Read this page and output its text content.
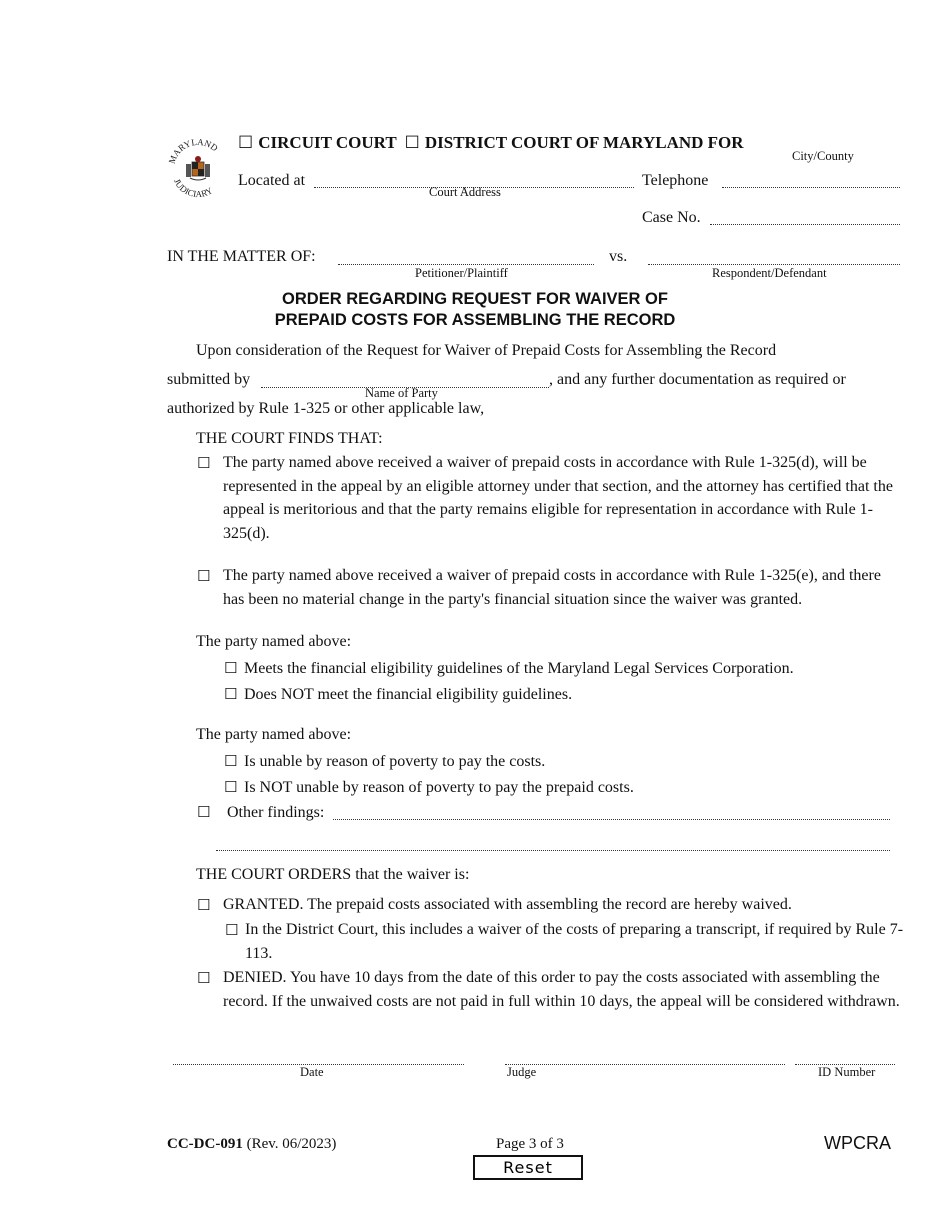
MARYLAND
JUDICIARY
☐ CIRCUIT COURT ☐ DISTRICT COURT OF MARYLAND FOR
City/County
Located at
Court Address
Telephone
Case No.
IN THE MATTER OF:
Petitioner/Plaintiff
vs.
Respondent/Defendant
ORDER REGARDING REQUEST FOR WAIVER OF
PREPAID COSTS FOR ASSEMBLING THE RECORD
Upon consideration of the Request for Waiver of Prepaid Costs for Assembling the Record
submitted by
Name of Party
, and any further documentation as required or
authorized by Rule 1-325 or other applicable law,
THE COURT FINDS THAT:
☐ The party named above received a waiver of prepaid costs in accordance with Rule 1-325(d), will be represented in the appeal by an eligible attorney under that section, and the attorney has certified that the appeal is meritorious and that the party remains eligible for representation in accordance with Rule 1-325(d).
☐ The party named above received a waiver of prepaid costs in accordance with Rule 1-325(e), and there has been no material change in the party's financial situation since the waiver was granted.
The party named above:
☐ Meets the financial eligibility guidelines of the Maryland Legal Services Corporation.
☐ Does NOT meet the financial eligibility guidelines.
The party named above:
☐ Is unable by reason of poverty to pay the costs.
☐ Is NOT unable by reason of poverty to pay the prepaid costs.
☐ Other findings:
THE COURT ORDERS that the waiver is:
☐ GRANTED. The prepaid costs associated with assembling the record are hereby waived.
☐ In the District Court, this includes a waiver of the costs of preparing a transcript, if required by Rule 7-113.
☐ DENIED. You have 10 days from the date of this order to pay the costs associated with assembling the record. If the unwaived costs are not paid in full within 10 days, the appeal will be considered withdrawn.
Date	Judge	ID Number
CC-DC-091 (Rev. 06/2023)	Page 3 of 3	WPCRA
Reset
